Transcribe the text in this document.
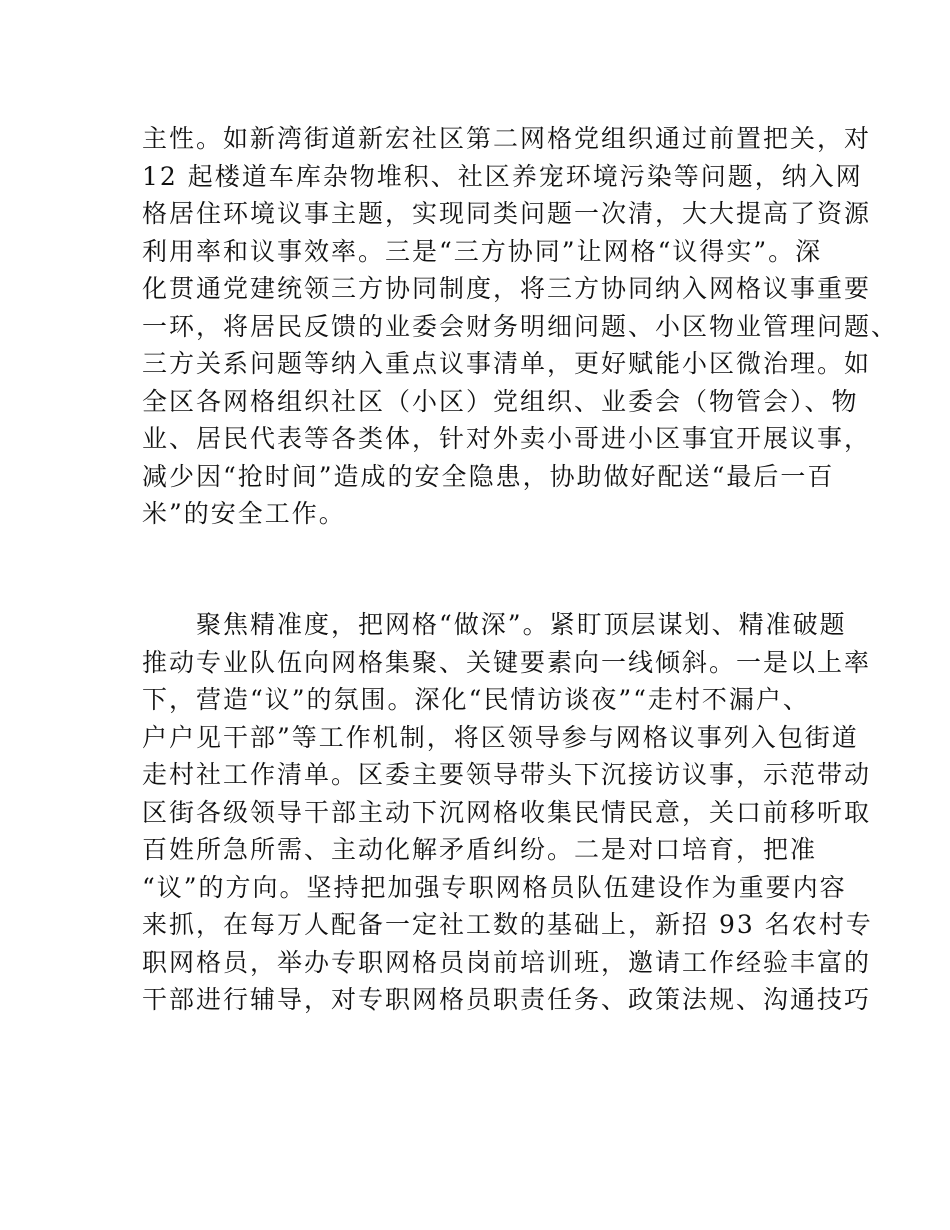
主性。如新湾街道新宏社区第二网格党组织通过前置把关，对
12 起楼道车库杂物堆积、社区养宠环境污染等问题，纳入网
格居住环境议事主题，实现同类问题一次清，大大提高了资源
利用率和议事效率。三是“三方协同”让网格“议得实”。深
化贯通党建统领三方协同制度，将三方协同纳入网格议事重要
一环，将居民反馈的业委会财务明细问题、小区物业管理问题、
三方关系问题等纳入重点议事清单，更好赋能小区微治理。如
全区各网格组织社区（小区）党组织、业委会（物管会）、物
业、居民代表等各类体，针对外卖小哥进小区事宜开展议事，
减少因“抢时间”造成的安全隐患，协助做好配送“最后一百
米”的安全工作。
　　聚焦精准度，把网格“做深”。紧盯顶层谋划、精准破题
推动专业队伍向网格集聚、关键要素向一线倾斜。一是以上率
下，营造“议”的氛围。深化“民情访谈夜”“走村不漏户、
户户见干部”等工作机制，将区领导参与网格议事列入包街道
走村社工作清单。区委主要领导带头下沉接访议事，示范带动
区街各级领导干部主动下沉网格收集民情民意，关口前移听取
百姓所急所需、主动化解矛盾纠纷。二是对口培育，把准
“议”的方向。坚持把加强专职网格员队伍建设作为重要内容
来抓，在每万人配备一定社工数的基础上，新招 93 名农村专
职网格员，举办专职网格员岗前培训班，邀请工作经验丰富的
干部进行辅导，对专职网格员职责任务、政策法规、沟通技巧
